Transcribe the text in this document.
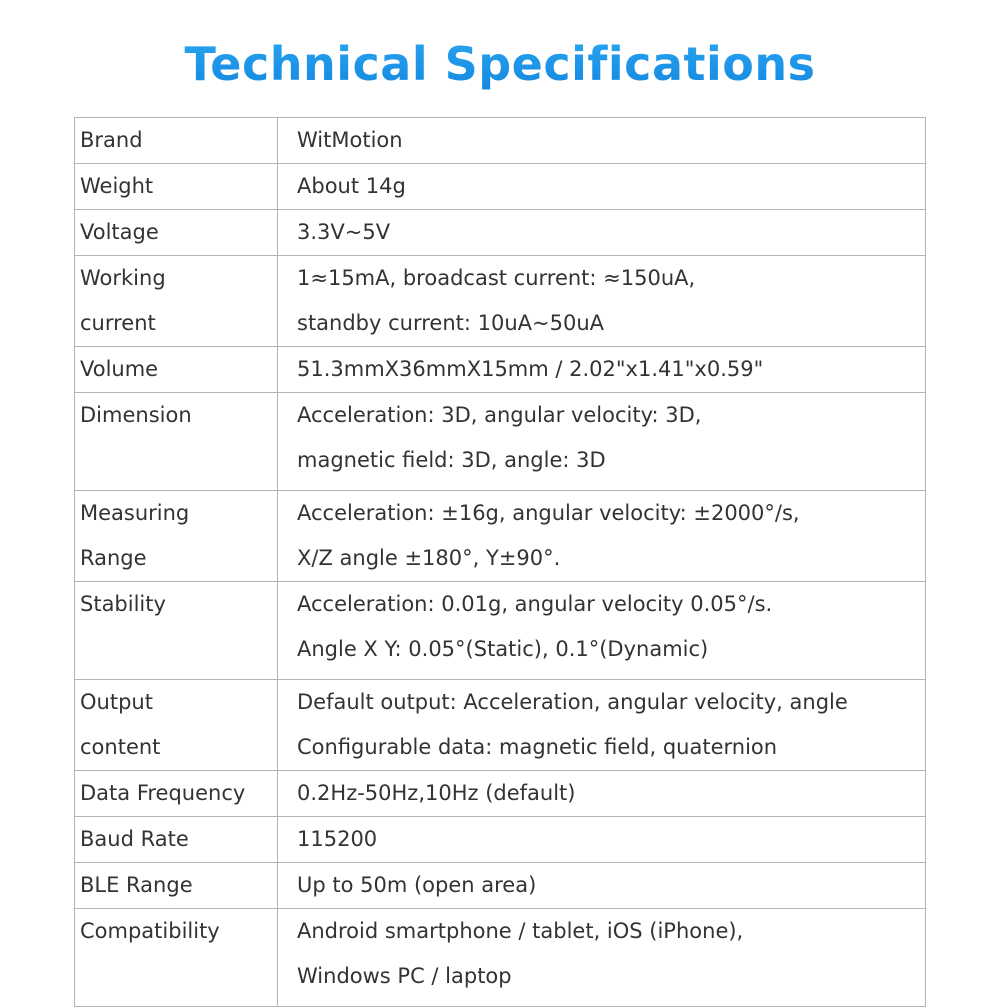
Technical Specifications
Brand	WitMotion

Weight	About 14g

Voltage	3.3V~5V

Working
current	1≈15mA, broadcast current: ≈150uA,
standby current: 10uA~50uA

Volume	51.3mmX36mmX15mm / 2.02"x1.41"x0.59"

Dimension	Acceleration: 3D, angular velocity: 3D,
magnetic field: 3D, angle: 3D

Measuring
Range	Acceleration: ±16g, angular velocity: ±2000°/s,
X/Z angle ±180°, Y±90°.

Stability	Acceleration: 0.01g, angular velocity 0.05°/s.
Angle X Y: 0.05°(Static), 0.1°(Dynamic)

Output
content	Default output: Acceleration, angular velocity, angle
Configurable data: magnetic field, quaternion

Data Frequency	0.2Hz-50Hz,10Hz (default)

Baud Rate	115200

BLE Range	Up to 50m (open area)

Compatibility	Android smartphone / tablet, iOS (iPhone),
Windows PC / laptop
